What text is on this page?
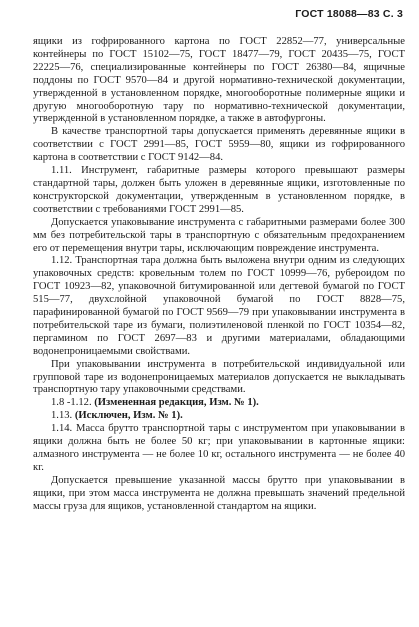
ГОСТ 18088—83 С. 3

ящики из гофрированного картона по ГОСТ 22852—77, универсальные контейнеры по ГОСТ 15102—75, ГОСТ 18477—79, ГОСТ 20435—75, ГОСТ 22225—76, специализированные контейнеры по ГОСТ 26380—84, ящичные поддоны по ГОСТ 9570—84 и другой нормативно-технической документации, утвержденной в установленном порядке, многооборотные полимерные ящики и другую многооборотную тару по нормативно-технической документации, утвержденной в установленном порядке, а также в автофургоны.

В качестве транспортной тары допускается применять деревянные ящики в соответствии с ГОСТ 2991—85, ГОСТ 5959—80, ящики из гофрированного картона в соответствии с ГОСТ 9142—84.

1.11. Инструмент, габаритные размеры которого превышают размеры стандартной тары, должен быть уложен в деревянные ящики, изготовленные по конструкторской документации, утвержденным в установленном порядке, в соответствии с требованиями ГОСТ 2991—85.

Допускается упаковывание инструмента с габаритными размерами более 300 мм без потребительской тары в транспортную с обязательным предохранением его от перемещения внутри тары, исключающим повреждение инструмента.

1.12. Транспортная тара должна быть выложена внутри одним из следующих упаковочных средств: кровельным толем по ГОСТ 10999—76, рубероидом по ГОСТ 10923—82, упаковочной битумированной или дегтевой бумагой по ГОСТ 515—77, двухслойной упаковочной бумагой по ГОСТ 8828—75, парафинированной бумагой по ГОСТ 9569—79 при упаковывании инструмента в потребительской таре из бумаги, полиэтиленовой пленкой по ГОСТ 10354—82, пергамином по ГОСТ 2697—83 и другими материалами, обладающими водонепроницаемыми свойствами.

При упаковывании инструмента в потребительской индивидуальной или групповой таре из водонепроницаемых материалов допускается не выкладывать транспортную тару упаковочными средствами.

1.8 -1.12. (Измененная редакция, Изм. № 1).

1.13. (Исключен, Изм. № 1).

1.14. Масса брутто транспортной тары с инструментом при упаковывании в ящики должна быть не более 50 кг; при упаковывании в картонные ящики: алмазного инструмента — не более 10 кг, остального инструмента — не более 40 кг.

Допускается превышение указанной массы брутто при упаковывании в ящики, при этом масса инструмента не должна превышать значений предельной массы груза для ящиков, установленной стандартом на ящики.
